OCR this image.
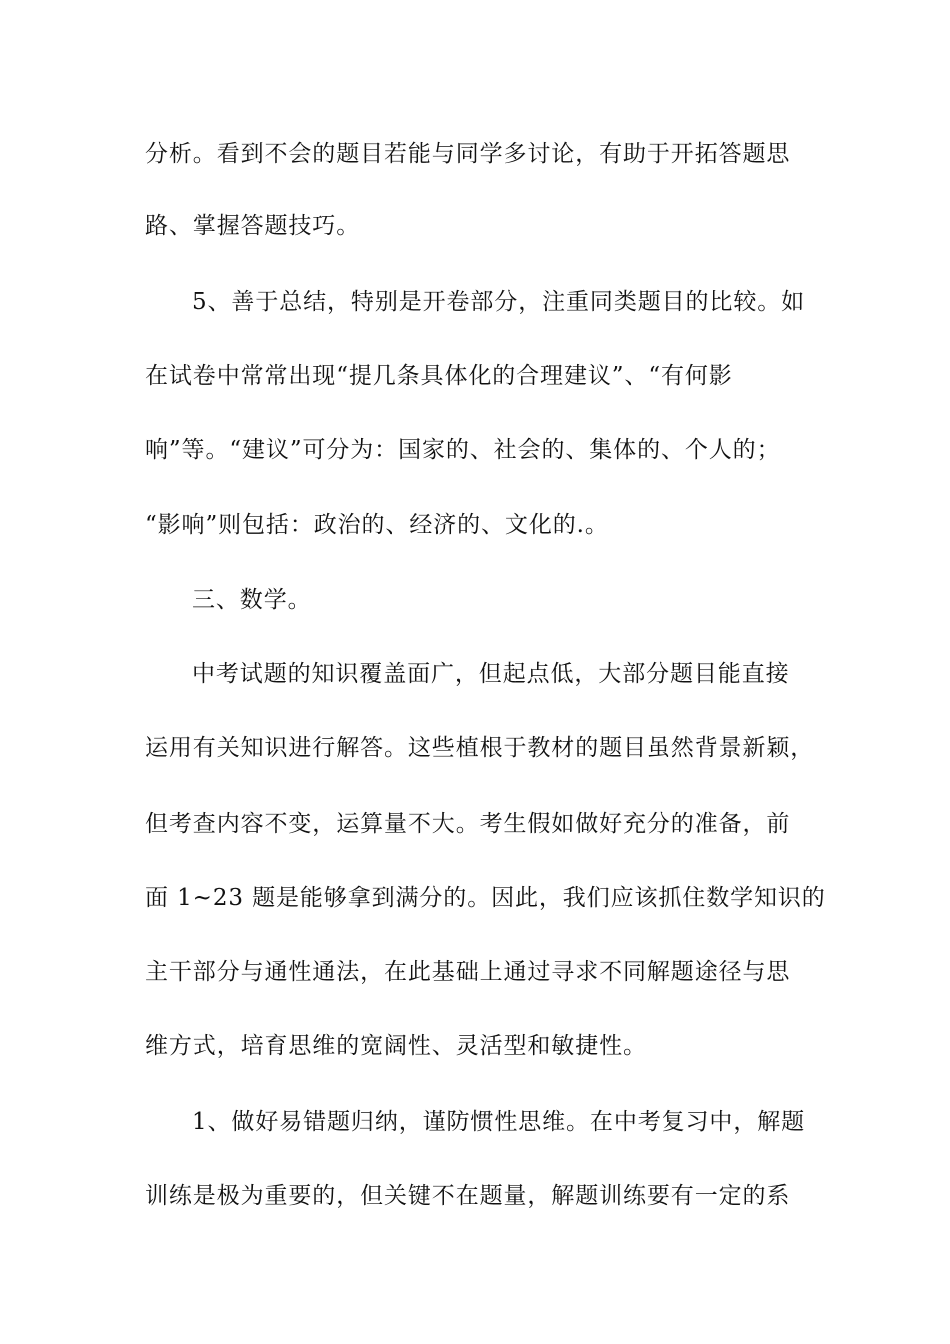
分析。看到不会的题目若能与同学多讨论，有助于开拓答题思
路、掌握答题技巧。
5、善于总结，特别是开卷部分，注重同类题目的比较。如
在试卷中常常出现“提几条具体化的合理建议”、“有何影
响”等。“建议”可分为：国家的、社会的、集体的、个人的；
“影响”则包括：政治的、经济的、文化的.。
三、数学。
中考试题的知识覆盖面广，但起点低，大部分题目能直接
运用有关知识进行解答。这些植根于教材的题目虽然背景新颖，
但考查内容不变，运算量不大。考生假如做好充分的准备，前
面 1~23 题是能够拿到满分的。因此，我们应该抓住数学知识的
主干部分与通性通法，在此基础上通过寻求不同解题途径与思
维方式，培育思维的宽阔性、灵活型和敏捷性。
1、做好易错题归纳，谨防惯性思维。在中考复习中，解题
训练是极为重要的，但关键不在题量，解题训练要有一定的系
